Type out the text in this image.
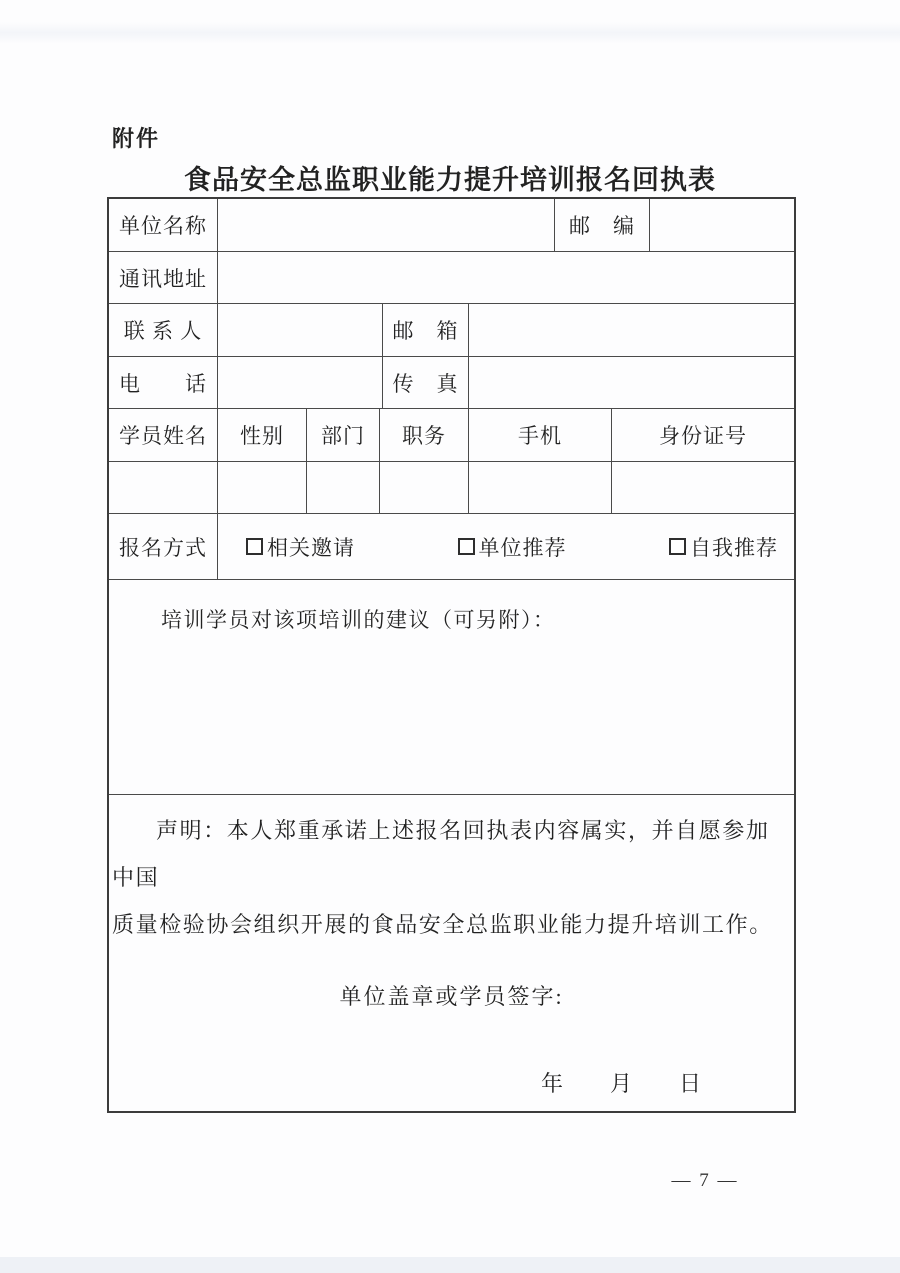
附件
食品安全总监职业能力提升培训报名回执表
单位名称	邮　编
通讯地址
联 系 人	邮　箱
电　　话	传　真
学员姓名	性别	部门	职务	手机	身份证号
报名方式	相关邀请	单位推荐	自我推荐
培训学员对该项培训的建议（可另附）：
声明：本人郑重承诺上述报名回执表内容属实，并自愿参加中国
质量检验协会组织开展的食品安全总监职业能力提升培训工作。
单位盖章或学员签字:
年　　月　　日
— 7 —
